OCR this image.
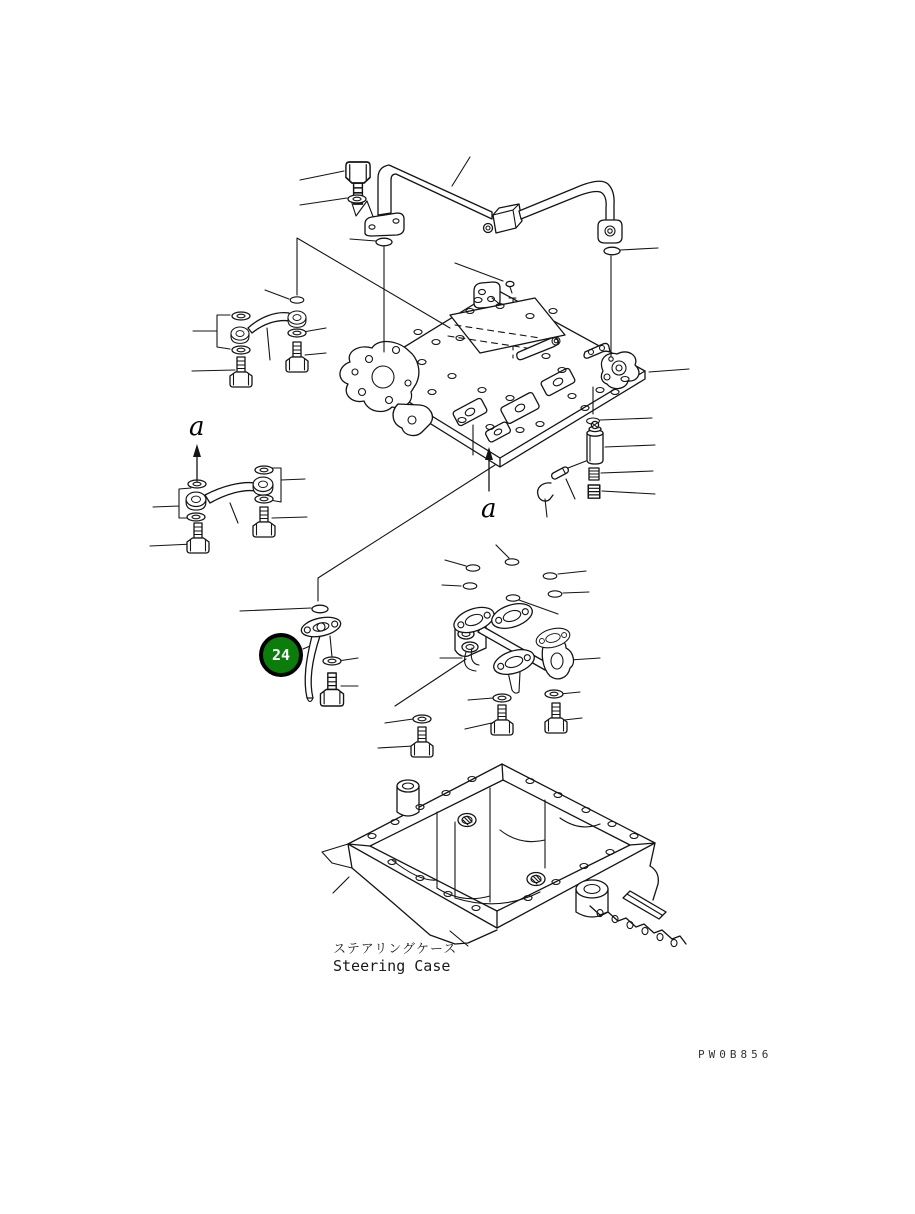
24
a
a
ステアリングケース
Steering Case
PW0B856
